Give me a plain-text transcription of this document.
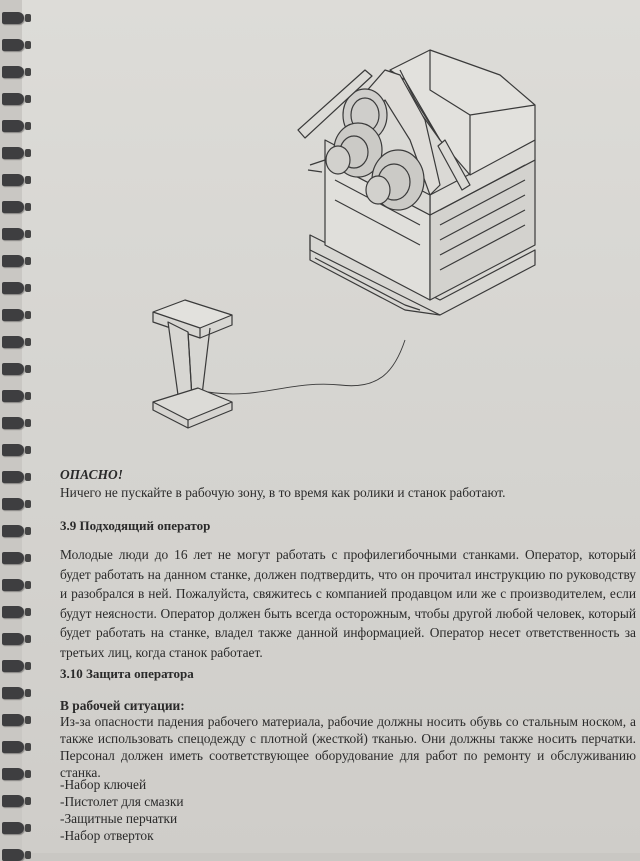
ОПАСНО!
Ничего не пускайте в рабочую зону, в то время как ролики и станок работают.
3.9 Подходящий оператор
Молодые люди до 16 лет не могут работать с профилегибочными станками. Оператор, который будет работать на данном станке, должен подтвердить, что он прочитал инструкцию по руководству и разобрался в ней. Пожалуйста, свяжитесь с компанией продавцом или же с производителем, если будут неясности. Оператор должен быть всегда осторожным, чтобы другой любой человек, который будет работать на станке, владел также данной информацией. Оператор несет ответственность за третьих лиц, когда станок работает.
3.10 Защита оператора
В рабочей ситуации:
Из-за опасности падения рабочего материала, рабочие должны носить обувь со стальным носком, а также использовать спецодежду с плотной (жесткой) тканью. Они должны также носить перчатки. Персонал должен иметь соответствующее оборудование для работ по ремонту и обслуживанию станка.
-Набор ключей
-Пистолет для смазки
-Защитные перчатки
-Набор отверток
